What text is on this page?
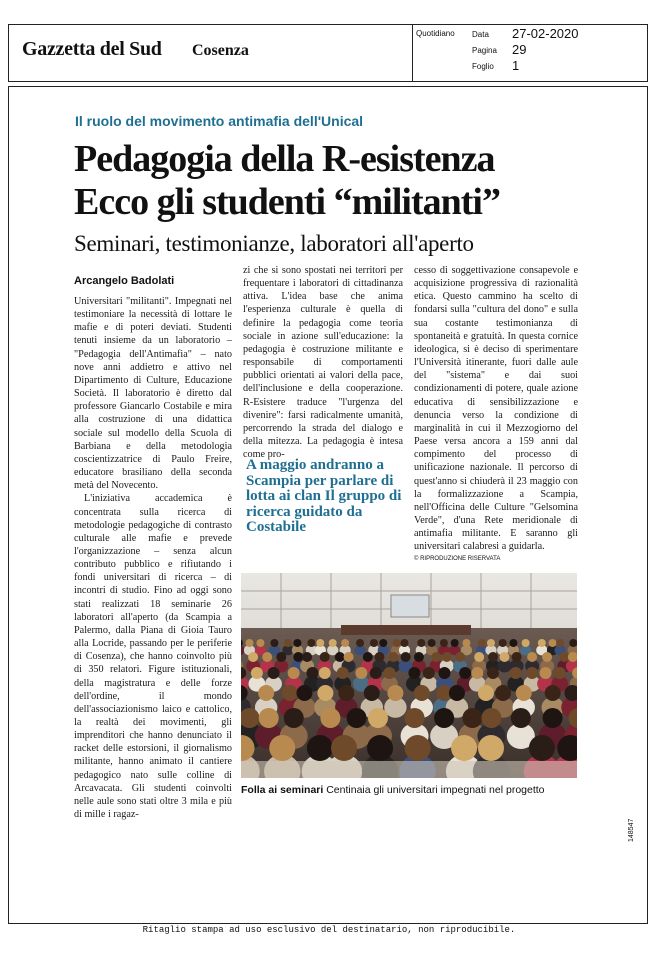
Gazzetta del Sud Cosenza
Quotidiano Data 27-02-2020
Pagina 29
Foglio 1
Il ruolo del movimento antimafia dell'Unical
Pedagogia della R-esistenza
Ecco gli studenti “militanti”
Seminari, testimonianze, laboratori all'aperto
Arcangelo Badolati

Universitari "militanti". Impegnati nel testimoniare la necessità di lottare le mafie e di poteri deviati. Studenti tenuti insieme da un laboratorio – "Pedagogia dell'Antimafia" – nato nove anni addietro e attivo nel Dipartimento di Culture, Educazione Società. Il laboratorio è diretto dal professore Giancarlo Costabile e mira alla costruzione di una didattica sociale sul modello della Scuola di Barbiana e della metodologia coscientizzatrice di Paulo Freire, educatore brasiliano della seconda metà del Novecento.

L'iniziativa accademica è concentrata sulla ricerca di metodologie pedagogiche di contrasto culturale alle mafie e prevede l'organizzazione – senza alcun contributo pubblico e rifiutando i fondi universitari di ricerca – di incontri di studio. Fino ad oggi sono stati realizzati 18 seminarie 26 laboratori all'aperto (da Scampia a Palermo, dalla Piana di Gioia Tauro alla Locride, passando per le periferie di Cosenza), che hanno coinvolto più di 350 relatori. Figure istituzionali, della magistratura e delle forze dell'ordine, il mondo dell'associazionismo laico e cattolico, la realtà dei movimenti, gli imprenditori che hanno denunciato il racket delle estorsioni, il giornalismo militante, hanno animato il cantiere pedagogico nato sulle colline di Arcavacata. Gli studenti coinvolti nelle aule sono stati oltre 3 mila e più di mille i ragaz-

zi che si sono spostati nei territori per frequentare i laboratori di cittadinanza attiva. L'idea base che anima l'esperienza culturale è quella di definire la pedagogia come teoria sociale in azione sull'educazione: la pedagogia è costruzione militante e responsabile di comportamenti pubblici orientati ai valori della pace, dell'inclusione e della cooperazione. R-Esistere traduce "l'urgenza del divenire": farsi radicalmente umanità, percorrendo la strada del dialogo e della mitezza. La pedagogia è intesa come pro-

A maggio andranno a Scampia per parlare di lotta ai clan Il gruppo di ricerca guidato da Costabile

cesso di soggettivazione consapevole e acquisizione progressiva di razionalità etica. Questo cammino ha scelto di fondarsi sulla "cultura del dono" e sulla sua costante testimonianza di spontaneità e gratuità. In questa cornice ideologica, si è deciso di sperimentare l'Università itinerante, fuori dalle aule del "sistema" e dai suoi condizionamenti di potere, quale azione educativa di sensibilizzazione e denuncia verso la condizione di marginalità in cui il Mezzogiorno del Paese versa ancora a 159 anni dal compimento del processo di unificazione nazionale. Il percorso di quest'anno si chiuderà il 23 maggio con la formalizzazione a Scampia, nell'Officina delle Culture "Gelsomina Verde", d'una Rete meridionale di antimafia militante. E saranno gli universitari calabresi a guidarla.

© RIPRODUZIONE RISERVATA
Folla ai seminari Centinaia gli universitari impegnati nel progetto
148547
Ritaglio stampa ad uso esclusivo del destinatario, non riproducibile.
